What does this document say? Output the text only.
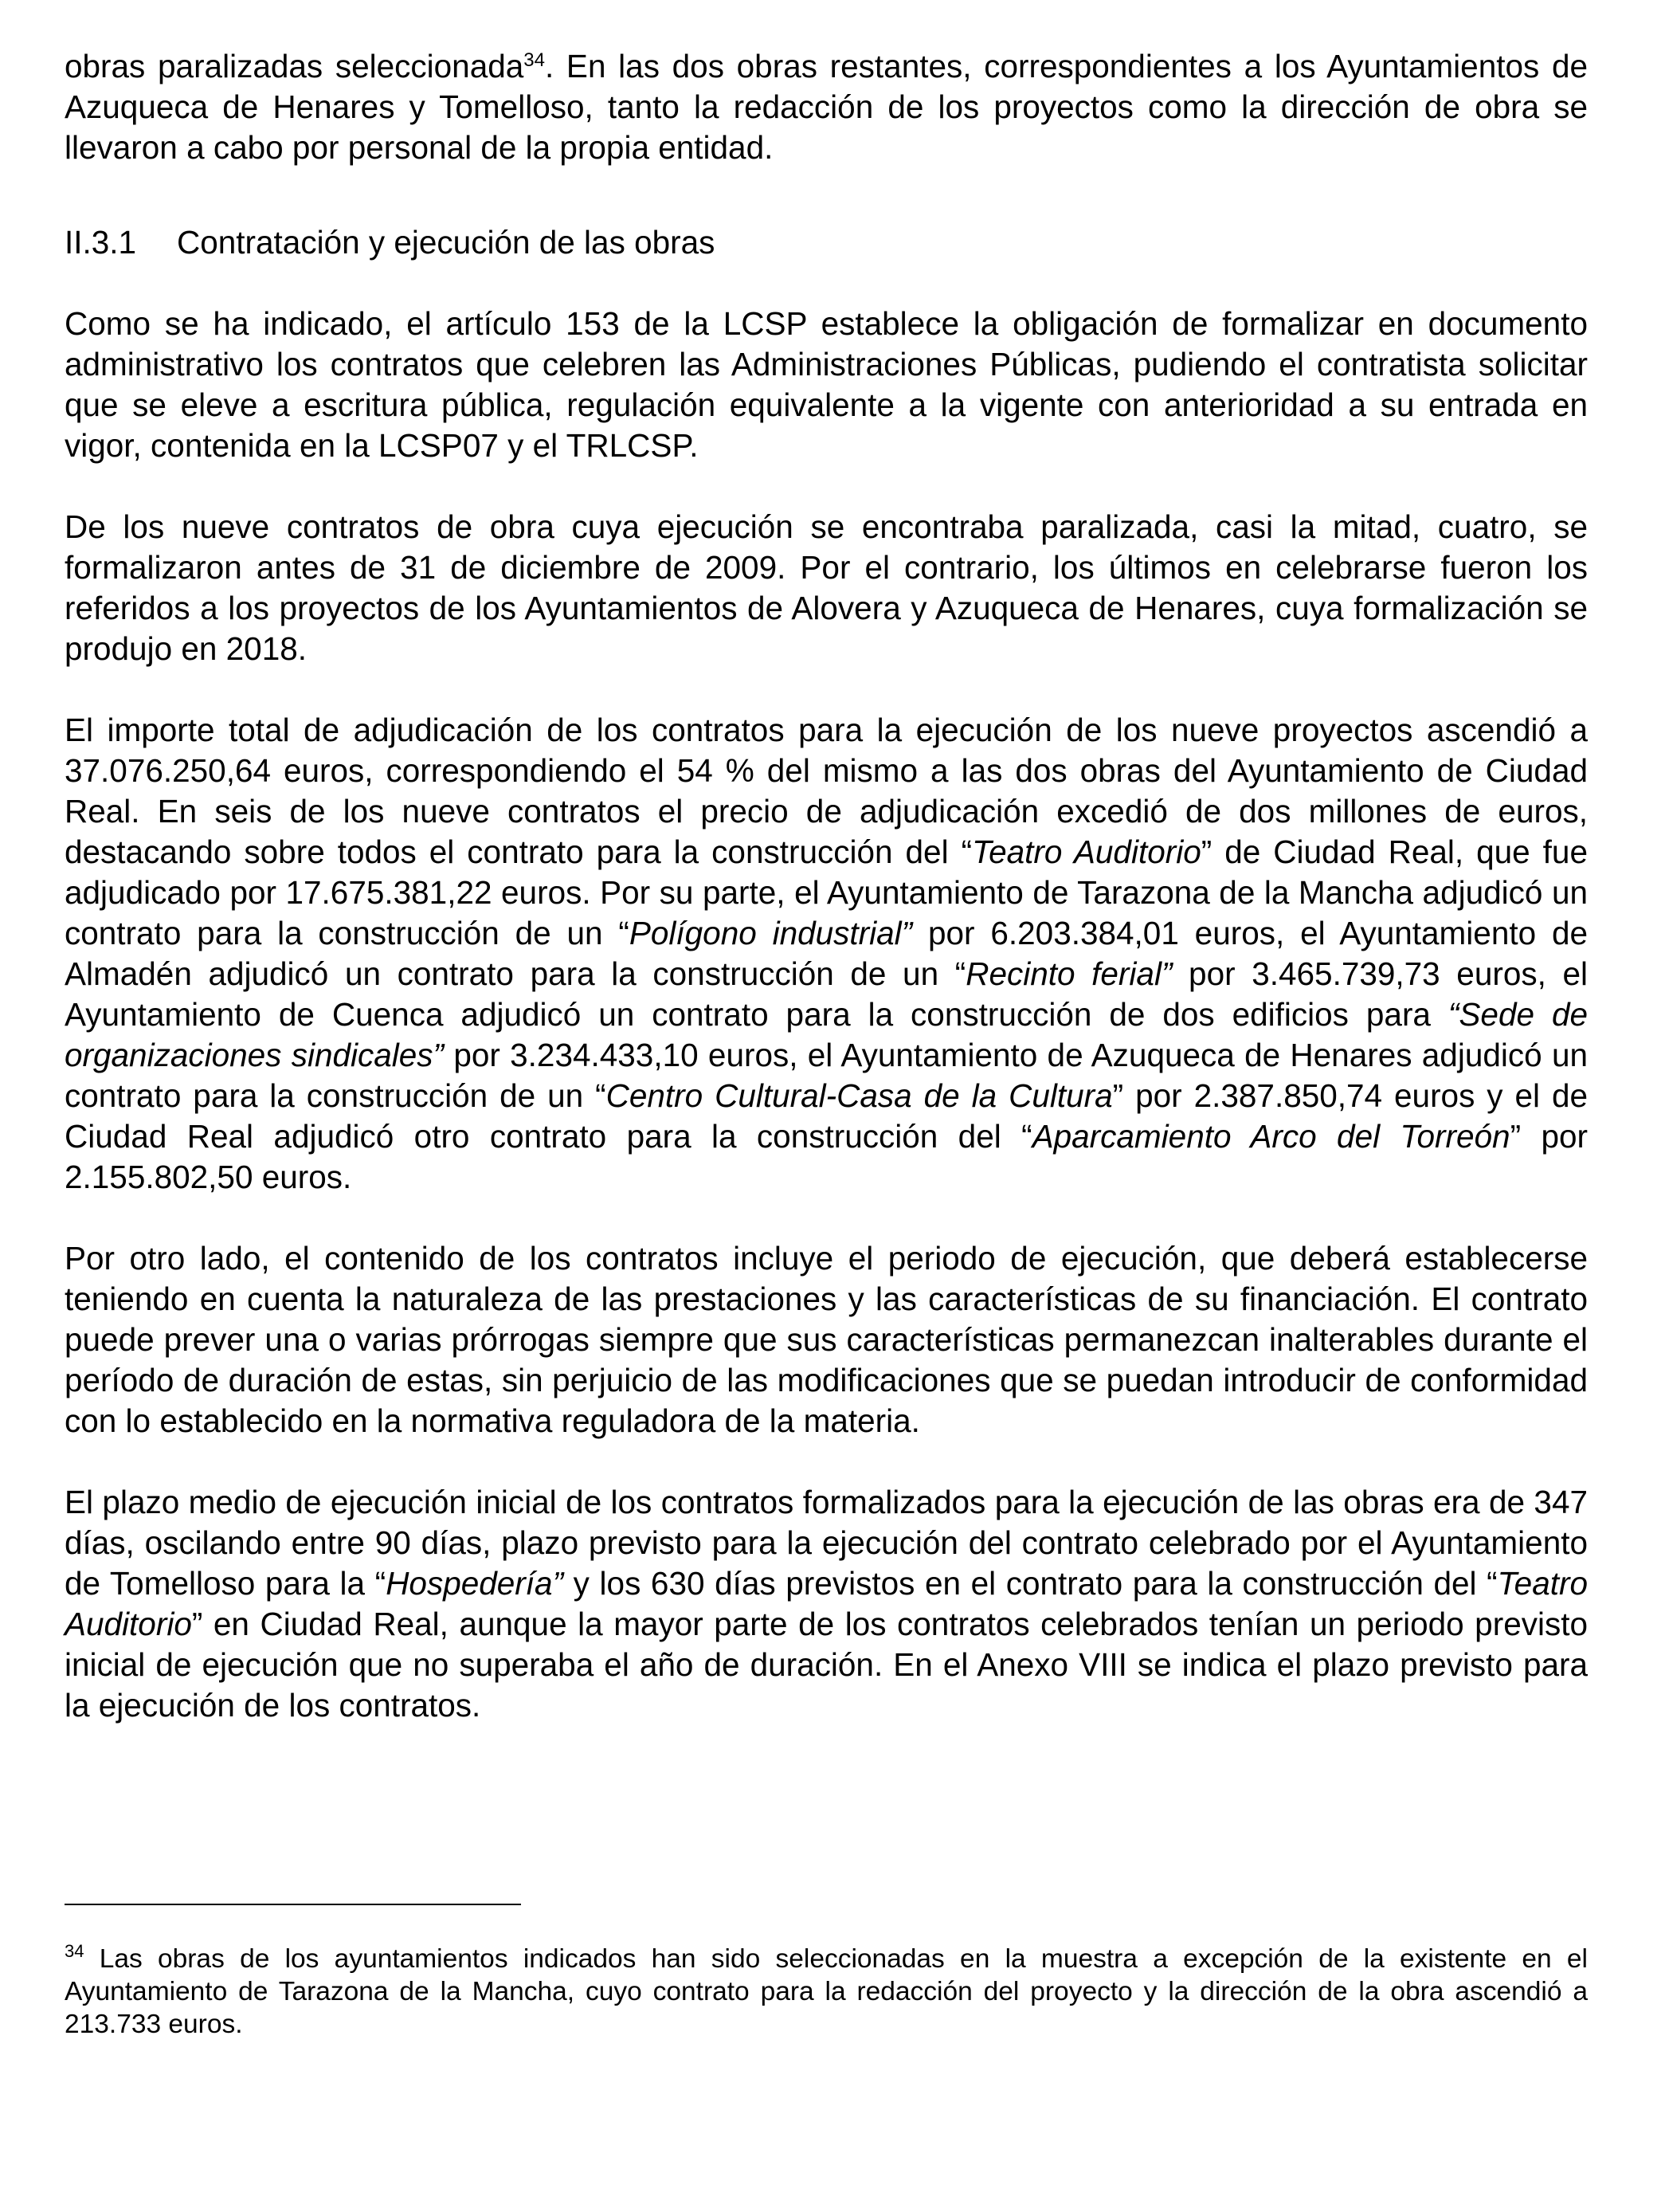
obras paralizadas seleccionada$^{34}$. En las dos obras restantes, correspondientes a los Ayuntamientos de Azuqueca de Henares y Tomelloso, tanto la redacción de los proyectos como la dirección de obra se llevaron a cabo por personal de la propia entidad.

II.3.1 Contratación y ejecución de las obras

Como se ha indicado, el artículo 153 de la LCSP establece la obligación de formalizar en documento administrativo los contratos que celebren las Administraciones Públicas, pudiendo el contratista solicitar que se eleve a escritura pública, regulación equivalente a la vigente con anterioridad a su entrada en vigor, contenida en la LCSP07 y el TRLCSP.

De los nueve contratos de obra cuya ejecución se encontraba paralizada, casi la mitad, cuatro, se formalizaron antes de 31 de diciembre de 2009. Por el contrario, los últimos en celebrarse fueron los referidos a los proyectos de los Ayuntamientos de Alovera y Azuqueca de Henares, cuya formalización se produjo en 2018.

El importe total de adjudicación de los contratos para la ejecución de los nueve proyectos ascendió a 37.076.250,64 euros, correspondiendo el 54 % del mismo a las dos obras del Ayuntamiento de Ciudad Real. En seis de los nueve contratos el precio de adjudicación excedió de dos millones de euros, destacando sobre todos el contrato para la construcción del “Teatro Auditorio” de Ciudad Real, que fue adjudicado por 17.675.381,22 euros. Por su parte, el Ayuntamiento de Tarazona de la Mancha adjudicó un contrato para la construcción de un “Polígono industrial” por 6.203.384,01 euros, el Ayuntamiento de Almadén adjudicó un contrato para la construcción de un “Recinto ferial” por 3.465.739,73 euros, el Ayuntamiento de Cuenca adjudicó un contrato para la construcción de dos edificios para “Sede de organizaciones sindicales” por 3.234.433,10 euros, el Ayuntamiento de Azuqueca de Henares adjudicó un contrato para la construcción de un “Centro Cultural-Casa de la Cultura” por 2.387.850,74 euros y el de Ciudad Real adjudicó otro contrato para la construcción del “Aparcamiento Arco del Torreón” por 2.155.802,50 euros.

Por otro lado, el contenido de los contratos incluye el periodo de ejecución, que deberá establecerse teniendo en cuenta la naturaleza de las prestaciones y las características de su financiación. El contrato puede prever una o varias prórrogas siempre que sus características permanezcan inalterables durante el período de duración de estas, sin perjuicio de las modificaciones que se puedan introducir de conformidad con lo establecido en la normativa reguladora de la materia.

El plazo medio de ejecución inicial de los contratos formalizados para la ejecución de las obras era de 347 días, oscilando entre 90 días, plazo previsto para la ejecución del contrato celebrado por el Ayuntamiento de Tomelloso para la “Hospedería” y los 630 días previstos en el contrato para la construcción del “Teatro Auditorio” en Ciudad Real, aunque la mayor parte de los contratos celebrados tenían un periodo previsto inicial de ejecución que no superaba el año de duración. En el Anexo VIII se indica el plazo previsto para la ejecución de los contratos.

$^{34}$ Las obras de los ayuntamientos indicados han sido seleccionadas en la muestra a excepción de la existente en el Ayuntamiento de Tarazona de la Mancha, cuyo contrato para la redacción del proyecto y la dirección de la obra ascendió a 213.733 euros.
